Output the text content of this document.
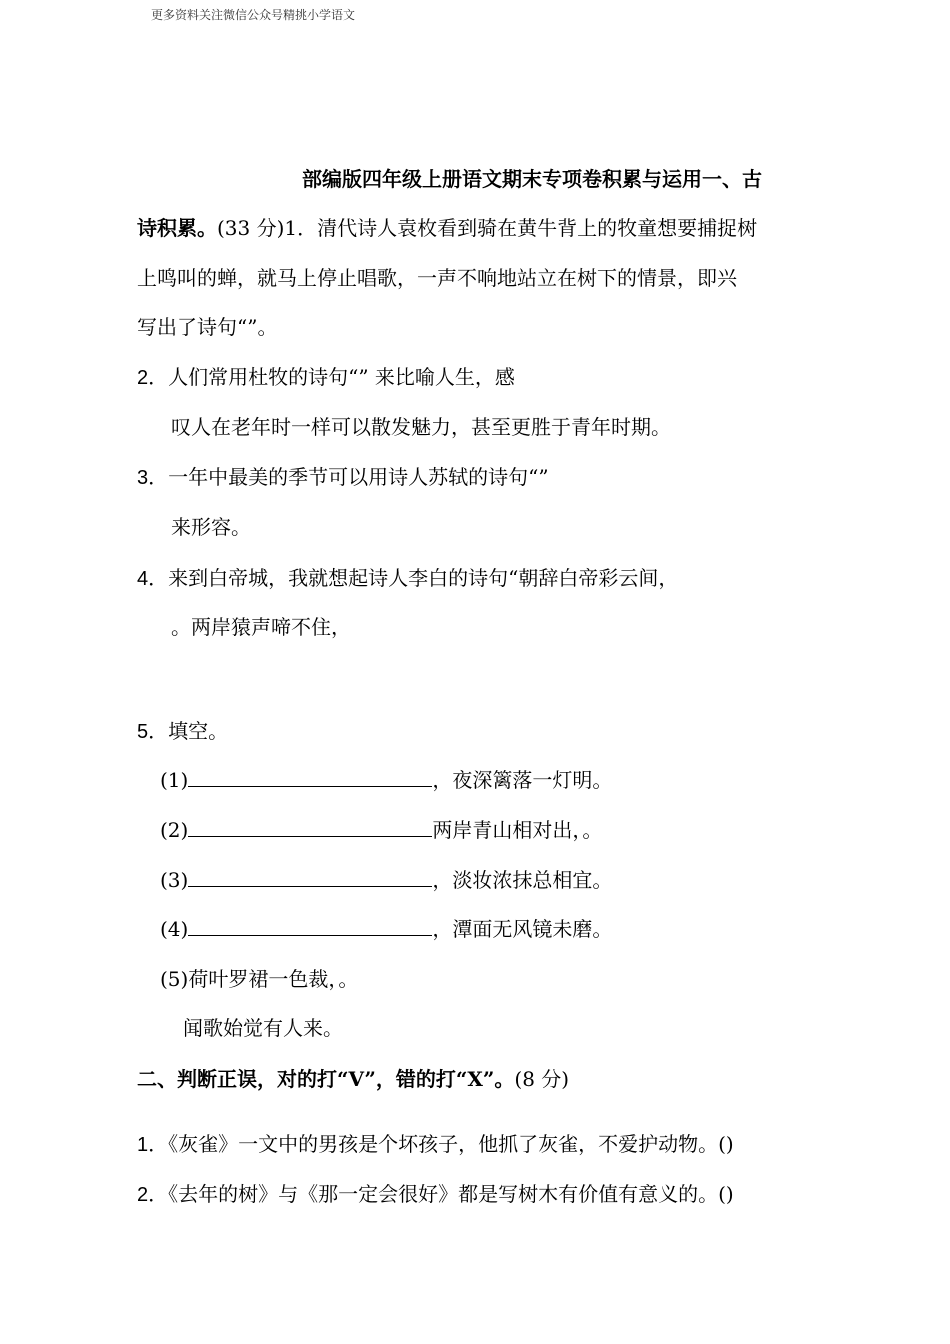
更多资料关注微信公众号精挑小学语文
部编版四年级上册语文期末专项卷积累与运用一、古
诗积累。(33 分)1．清代诗人袁枚看到骑在黄牛背上的牧童想要捕捉树
上鸣叫的蝉，就马上停止唱歌，一声不响地站立在树下的情景，即兴
写出了诗句“”。
2．人们常用杜牧的诗句“” 来比喻人生，感
叹人在老年时一样可以散发魅力，甚至更胜于青年时期。
3．一年中最美的季节可以用诗人苏轼的诗句“”
来形容。
4．来到白帝城，我就想起诗人李白的诗句“朝辞白帝彩云间，
。两岸猿声啼不住，
5．填空。
(1)	，夜深篱落一灯明。
(2)	两岸青山相对出，。
(3)	，淡妆浓抹总相宜。
(4)	，潭面无风镜未磨。
(5)荷叶罗裙一色裁，。
闻歌始觉有人来。
二、判断正误，对的打“V”，错的打“X”。(8 分)
1．《灰雀》一文中的男孩是个坏孩子，他抓了灰雀，不爱护动物。()
2．《去年的树》与《那一定会很好》都是写树木有价值有意义的。()
